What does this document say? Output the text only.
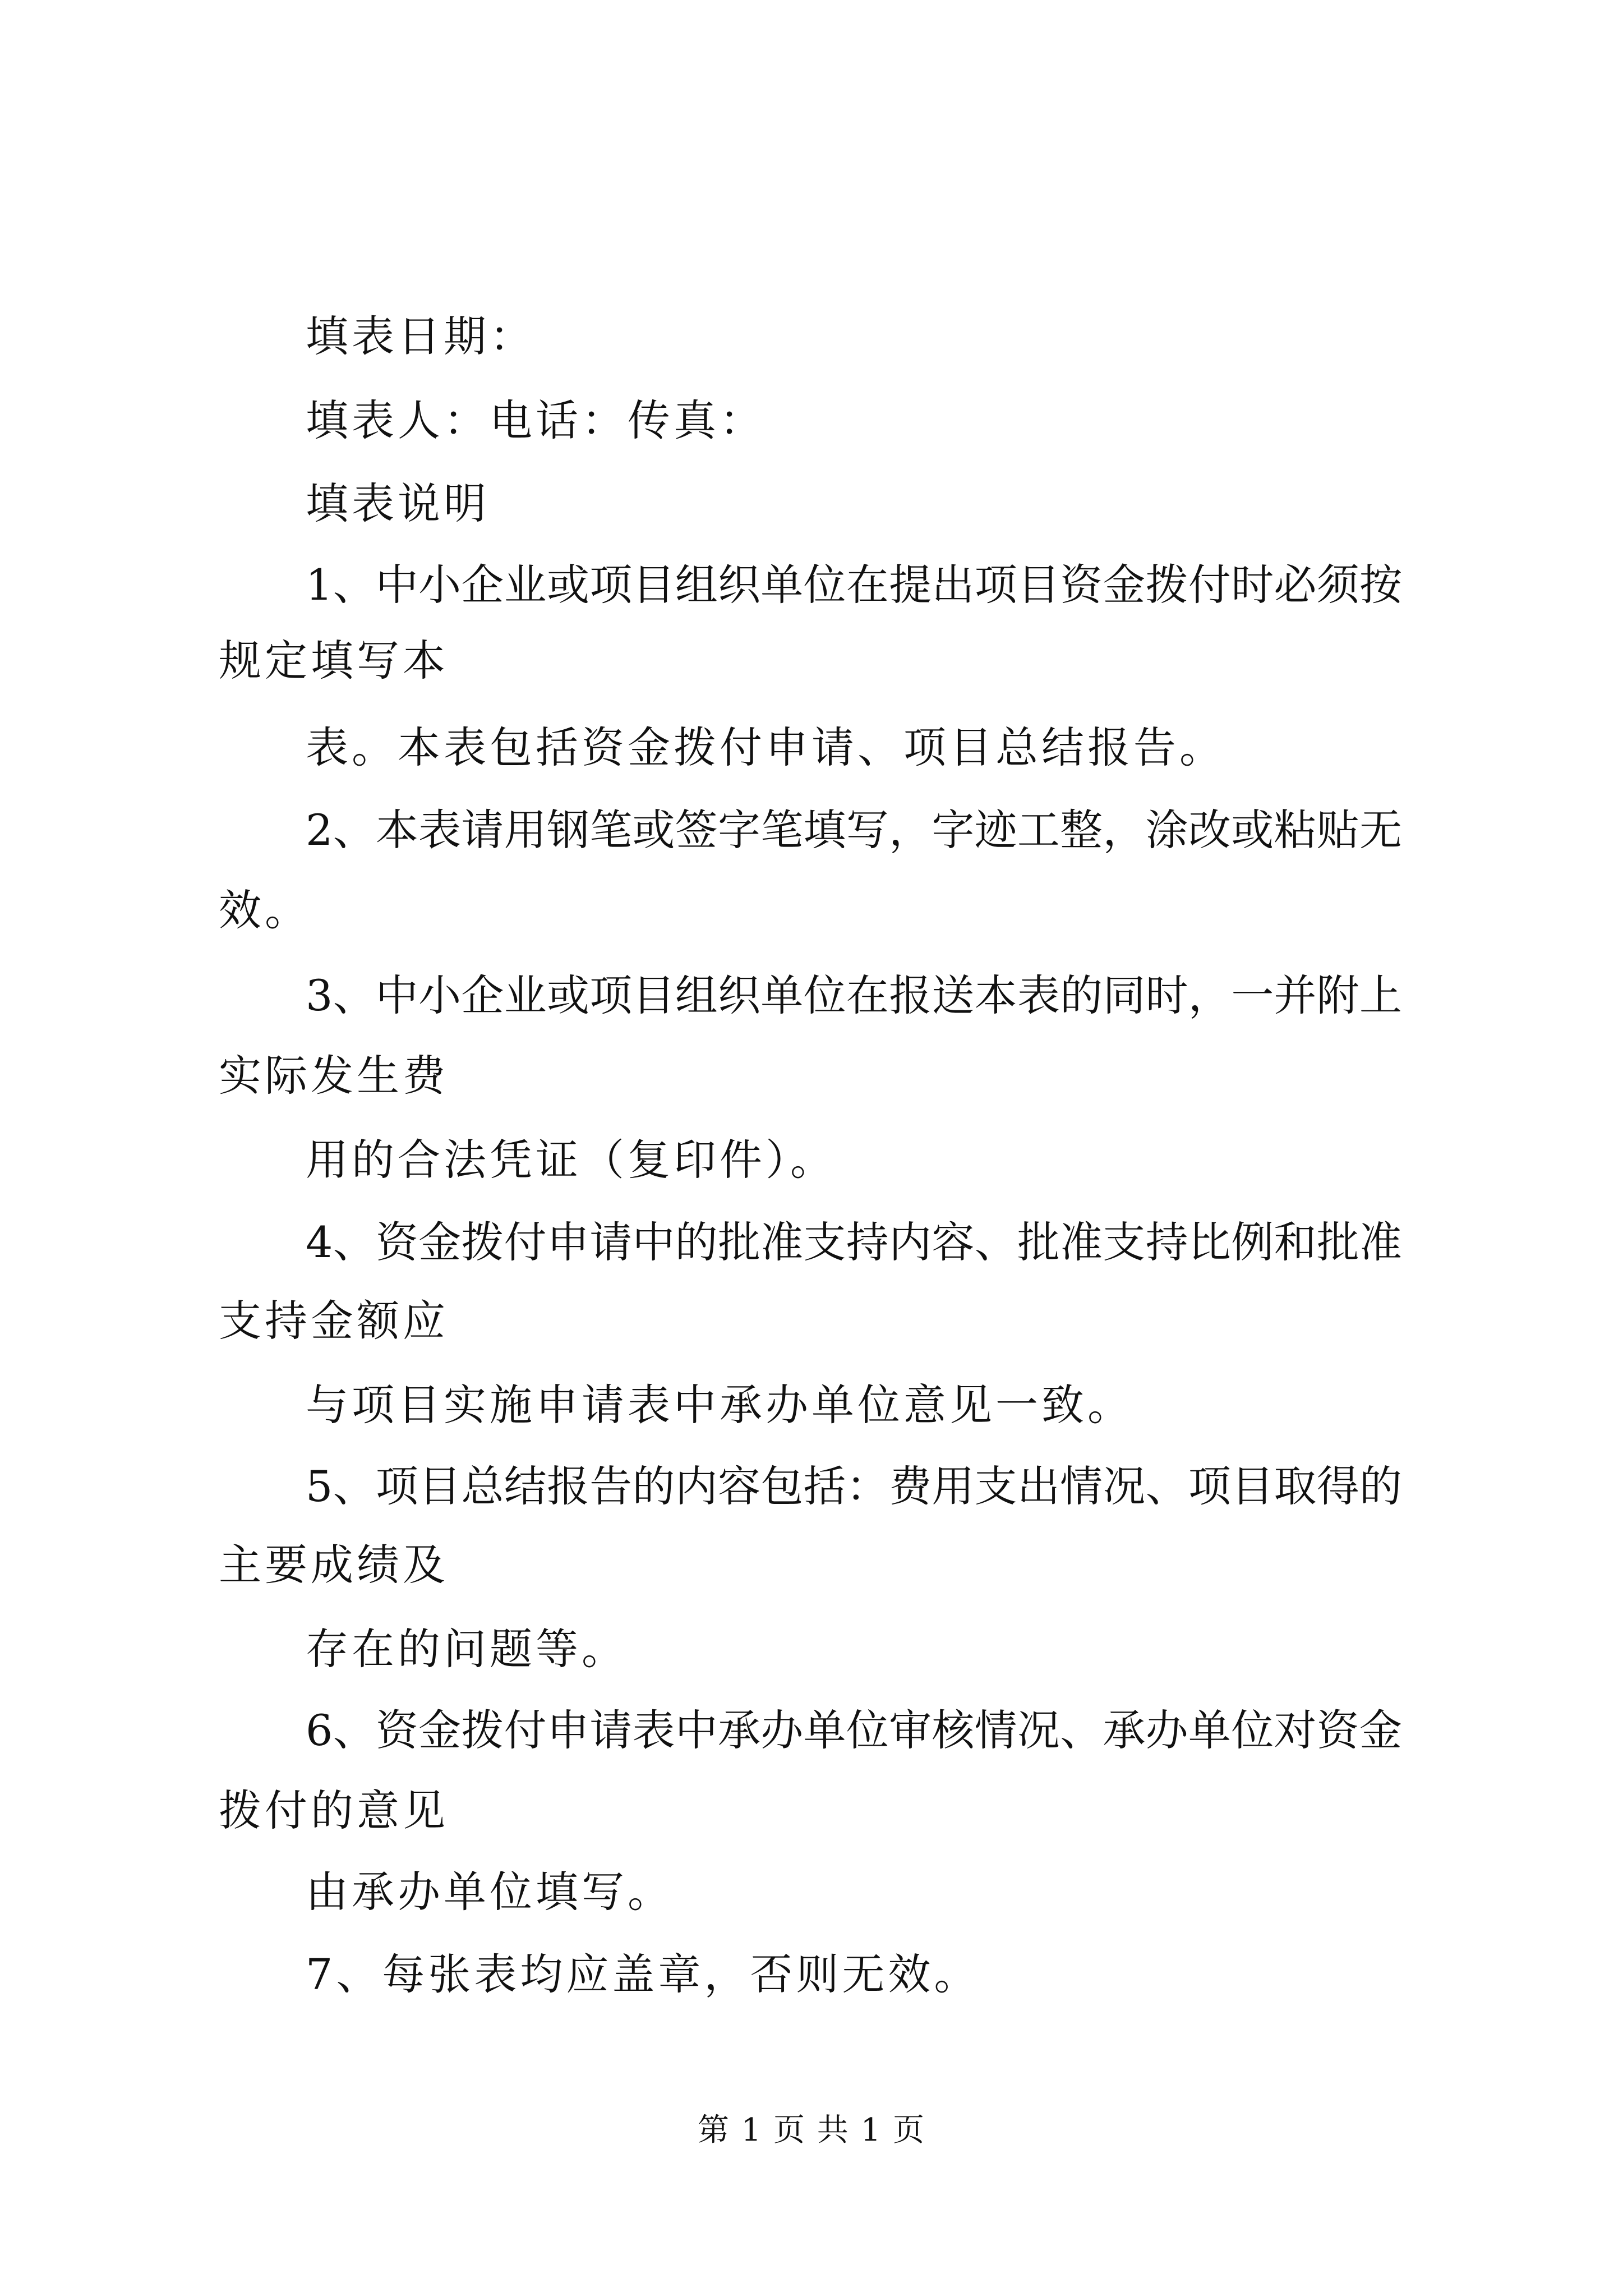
填表日期：
填表人：电话：传真：
填表说明
1、中小企业或项目组织单位在提出项目资金拨付时必须按
规定填写本
表。本表包括资金拨付申请、项目总结报告。
2、本表请用钢笔或签字笔填写，字迹工整，涂改或粘贴无
效。
3、中小企业或项目组织单位在报送本表的同时，一并附上
实际发生费
用的合法凭证（复印件）。
4、资金拨付申请中的批准支持内容、批准支持比例和批准
支持金额应
与项目实施申请表中承办单位意见一致。
5、项目总结报告的内容包括：费用支出情况、项目取得的
主要成绩及
存在的问题等。
6、资金拨付申请表中承办单位审核情况、承办单位对资金
拨付的意见
由承办单位填写。
7、每张表均应盖章，否则无效。
第 1 页 共 1 页
